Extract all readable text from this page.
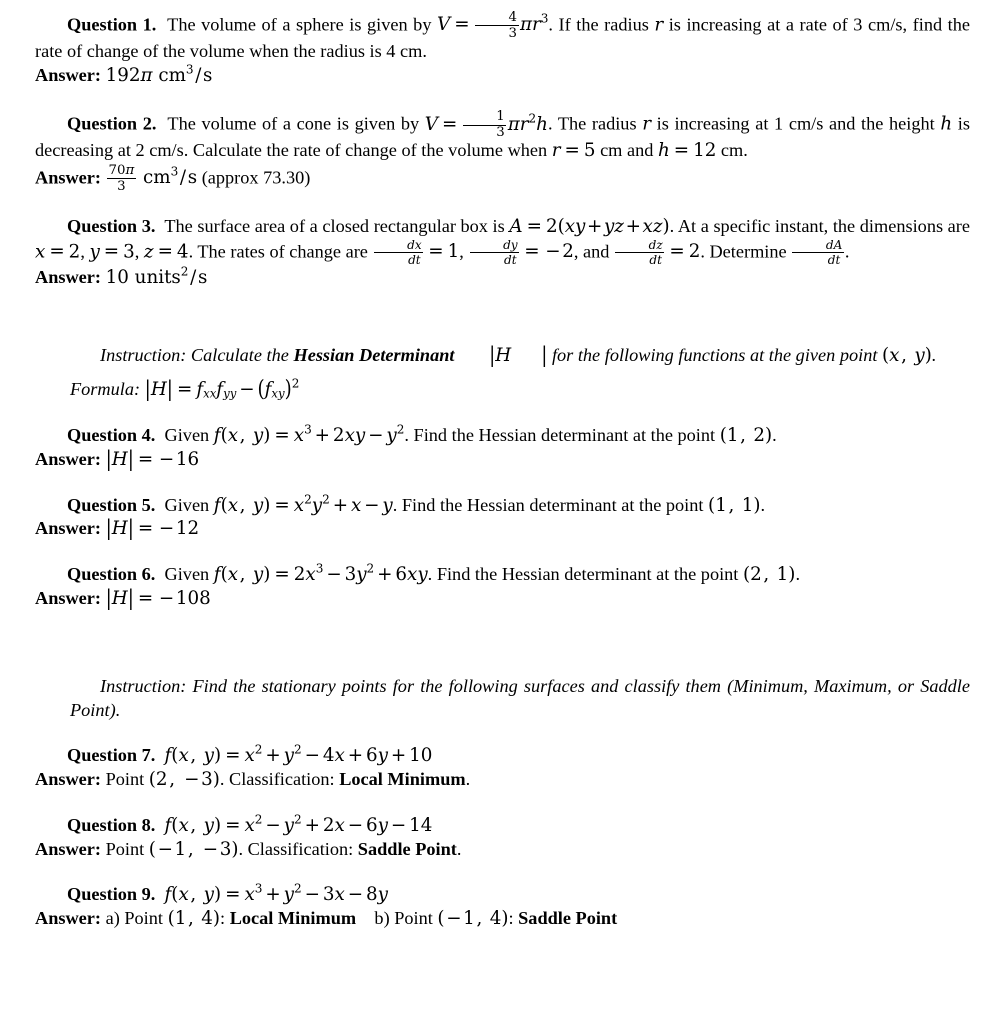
Question 1. The volume of a sphere is given by $V = \frac{4}{3} \pi r^3$. If the radius r is increasing at a rate of 3 cm/s, find the rate of change of the volume when the radius is 4 cm.

Answer: 192π $cm^3/s$

Question 2. The volume of a cone is given by $V = \frac{1}{3} \pi r^2h$. The radius r is increasing at 1 cm/s and the height h is decreasing at 2 cm/s. Calculate the rate of change of the volume when r = 5 cm and h = 12 cm.

Answer: $\frac{70\pi}{3} cm^3/s$ (approx 73.30)

Question 3. The surface area of a closed rectangular box is A = 2(xy+yz+xz). At a specific instant, the dimensions are x = 2, y = 3, z = 4. The rates of change are $\frac{dx}{dt} = 1$, $\frac{dy}{dt} = -2$, and $\frac{dz}{dt} = 2$. Determine $\frac{dA}{dt}$ .

Answer: 10 units$^2$/s

Instruction: Calculate the Hessian Determinant |H | for the following functions at the given point (x, y).

Formula: $|H| = f_{xx}f_{yy} - (f_{xy})^2$

Question 4. Given f(x, $y) = x^3 + 2xy - y^2$. Find the Hessian determinant at the point (1, 2).

Answer: |H| = −16

Question 5. Given f(x, $y) = x^2y^2 + x - y$. Find the Hessian determinant at the point (1, 1).

Answer: |H| = −12

Question 6. Given f(x, $y) = 2x^3 - 3y^2 + 6xy$. Find the Hessian determinant at the point (2, 1).

Answer: |H| = −108

Instruction: Find the stationary points for the following surfaces and classify them (Minimum, Maximum, or Saddle Point).

Question 7. f(x, $y) = x^2 + y^2 - 4x + 6y + 10$

Answer: Point (2, −3). Classification: Local Minimum.

Question 8. f(x, $y) = x^2 - y^2 + 2x - 6y - 14$

Answer: Point (−1, −3). Classification: Saddle Point.

Question 9. f(x, $y) = x^3 + y^2 - 3x - 8y$

Answer: a) Point (1, 4): Local Minimum b) Point (−1, 4): Saddle Point
